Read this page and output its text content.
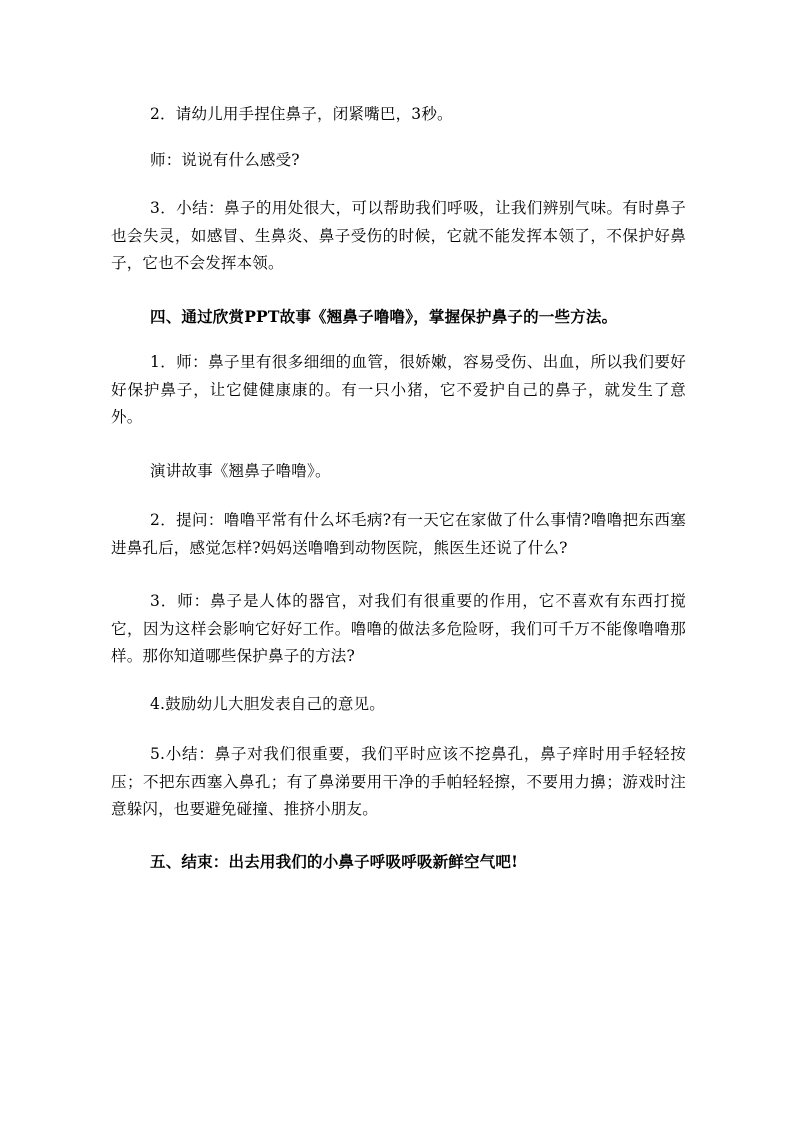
2．请幼儿用手捏住鼻子，闭紧嘴巴，3秒。

师：说说有什么感受?

3．小结：鼻子的用处很大，可以帮助我们呼吸，让我们辨别气味。有时鼻子也会失灵，如感冒、生鼻炎、鼻子受伤的时候，它就不能发挥本领了，不保护好鼻子，它也不会发挥本领。

四、通过欣赏PPT故事《翘鼻子噜噜》，掌握保护鼻子的一些方法。

1．师：鼻子里有很多细细的血管，很娇嫩，容易受伤、出血，所以我们要好好保护鼻子，让它健健康康的。有一只小猪，它不爱护自己的鼻子，就发生了意外。

演讲故事《翘鼻子噜噜》。

2．提问：噜噜平常有什么坏毛病?有一天它在家做了什么事情?噜噜把东西塞进鼻孔后，感觉怎样?妈妈送噜噜到动物医院，熊医生还说了什么?

3．师：鼻子是人体的器官，对我们有很重要的作用，它不喜欢有东西打搅它，因为这样会影响它好好工作。噜噜的做法多危险呀，我们可千万不能像噜噜那样。那你知道哪些保护鼻子的方法?

4.鼓励幼儿大胆发表自己的意见。

5.小结：鼻子对我们很重要，我们平时应该不挖鼻孔，鼻子痒时用手轻轻按压；不把东西塞入鼻孔；有了鼻涕要用干净的手帕轻轻擦，不要用力擤；游戏时注意躲闪，也要避免碰撞、推挤小朋友。

五、结束：出去用我们的小鼻子呼吸呼吸新鲜空气吧!
